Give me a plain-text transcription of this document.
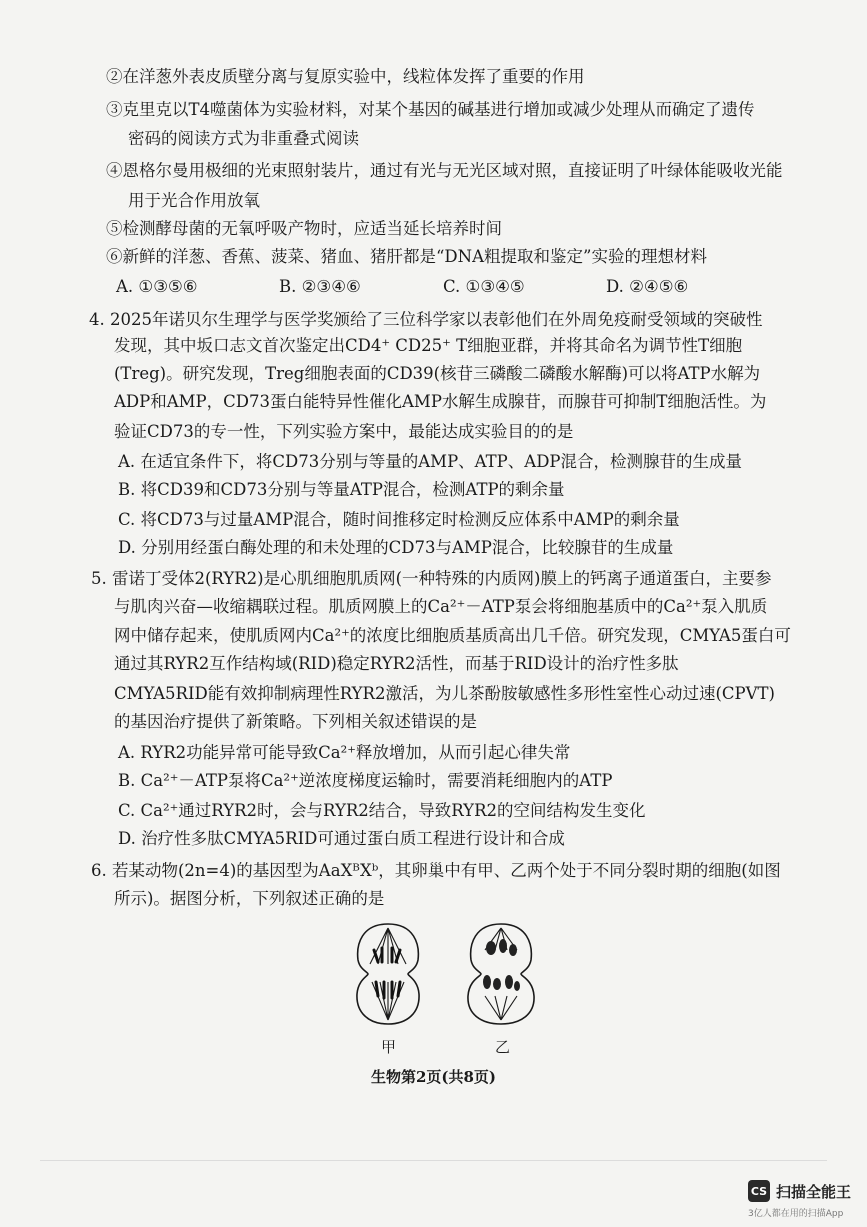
②在洋葱外表皮质壁分离与复原实验中，线粒体发挥了重要的作用
③克里克以T4噬菌体为实验材料，对某个基因的碱基进行增加或减少处理从而确定了遗传
密码的阅读方式为非重叠式阅读
④恩格尔曼用极细的光束照射装片，通过有光与无光区域对照，直接证明了叶绿体能吸收光能
用于光合作用放氧
⑤检测酵母菌的无氧呼吸产物时，应适当延长培养时间
⑥新鲜的洋葱、香蕉、菠菜、猪血、猪肝都是“DNA粗提取和鉴定”实验的理想材料
A. ①③⑤⑥	B. ②③④⑥	C. ①③④⑤	D. ②④⑤⑥
4. 2025年诺贝尔生理学与医学奖颁给了三位科学家以表彰他们在外周免疫耐受领域的突破性
发现，其中坂口志文首次鉴定出CD4⁺ CD25⁺ T细胞亚群，并将其命名为调节性T细胞
(Treg)。研究发现，Treg细胞表面的CD39(核苷三磷酸二磷酸水解酶)可以将ATP水解为
ADP和AMP，CD73蛋白能特异性催化AMP水解生成腺苷，而腺苷可抑制T细胞活性。为
验证CD73的专一性，下列实验方案中，最能达成实验目的的是
A. 在适宜条件下，将CD73分别与等量的AMP、ATP、ADP混合，检测腺苷的生成量
B. 将CD39和CD73分别与等量ATP混合，检测ATP的剩余量
C. 将CD73与过量AMP混合，随时间推移定时检测反应体系中AMP的剩余量
D. 分别用经蛋白酶处理的和未处理的CD73与AMP混合，比较腺苷的生成量
5. 雷诺丁受体2(RYR2)是心肌细胞肌质网(一种特殊的内质网)膜上的钙离子通道蛋白，主要参
与肌肉兴奋—收缩耦联过程。肌质网膜上的Ca²⁺－ATP泵会将细胞基质中的Ca²⁺泵入肌质
网中储存起来，使肌质网内Ca²⁺的浓度比细胞质基质高出几千倍。研究发现，CMYA5蛋白可
通过其RYR2互作结构域(RID)稳定RYR2活性，而基于RID设计的治疗性多肽
CMYA5RID能有效抑制病理性RYR2激活，为儿茶酚胺敏感性多形性室性心动过速(CPVT)
的基因治疗提供了新策略。下列相关叙述错误的是
A. RYR2功能异常可能导致Ca²⁺释放增加，从而引起心律失常
B. Ca²⁺－ATP泵将Ca²⁺逆浓度梯度运输时，需要消耗细胞内的ATP
C. Ca²⁺通过RYR2时，会与RYR2结合，导致RYR2的空间结构发生变化
D. 治疗性多肽CMYA5RID可通过蛋白质工程进行设计和合成
6. 若某动物(2n=4)的基因型为AaXᴮXᵇ，其卵巢中有甲、乙两个处于不同分裂时期的细胞(如图
所示)。据图分析，下列叙述正确的是
甲	乙
生物第2页(共8页)
CS 扫描全能王
3亿人都在用的扫描App
